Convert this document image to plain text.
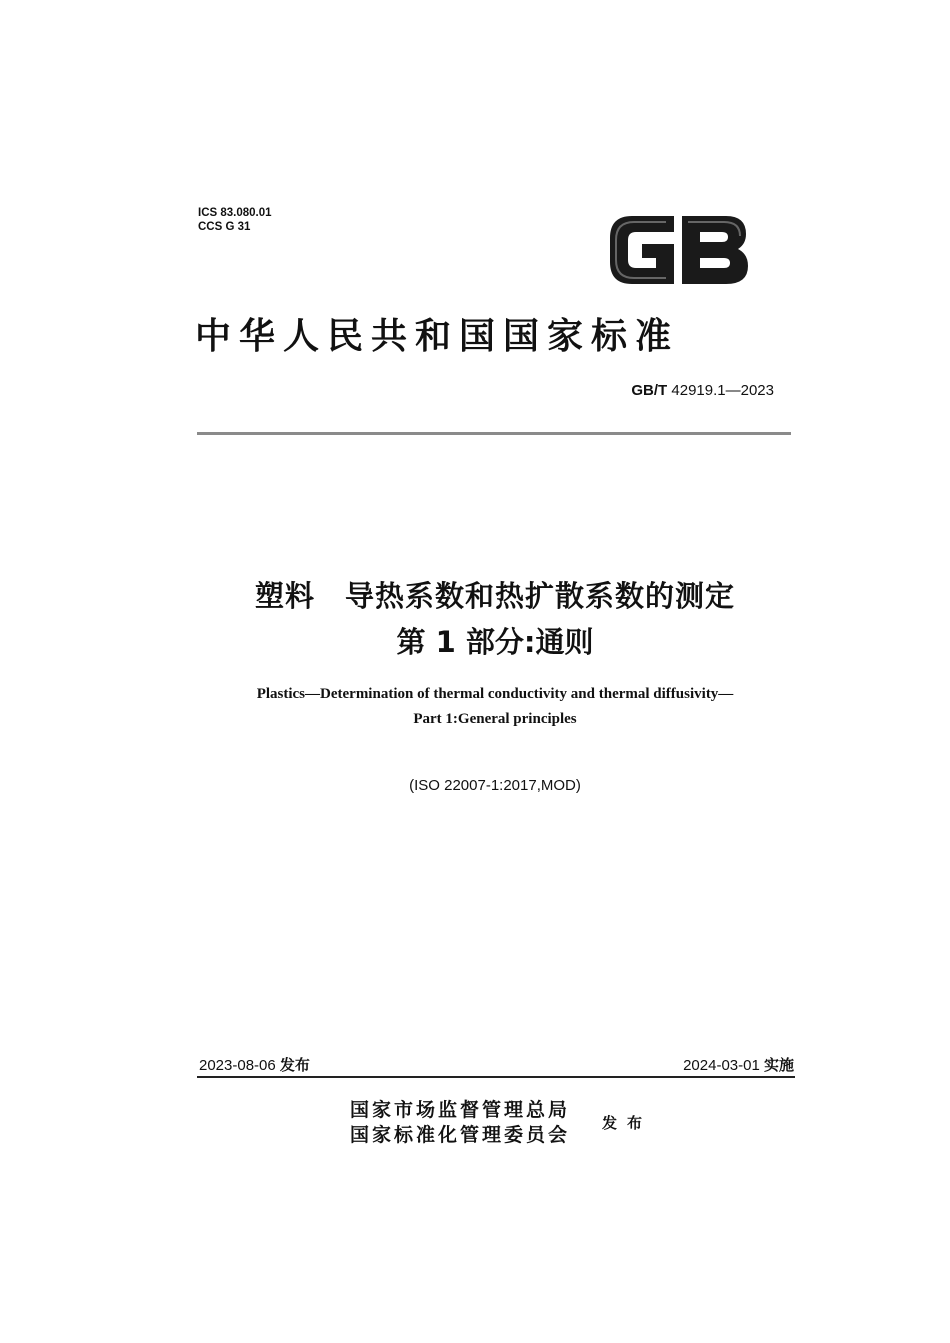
ICS 83.080.01
CCS G 31
中华人民共和国国家标准
GB/T 42919.1—2023
塑料　导热系数和热扩散系数的测定
第 1 部分:通则
Plastics—Determination of thermal conductivity and thermal diffusivity—
Part 1:General principles
(ISO 22007-1:2017,MOD)
2023-08-06 发布	2024-03-01 实施
国家市场监督管理总局
国家标准化管理委员会
发布
